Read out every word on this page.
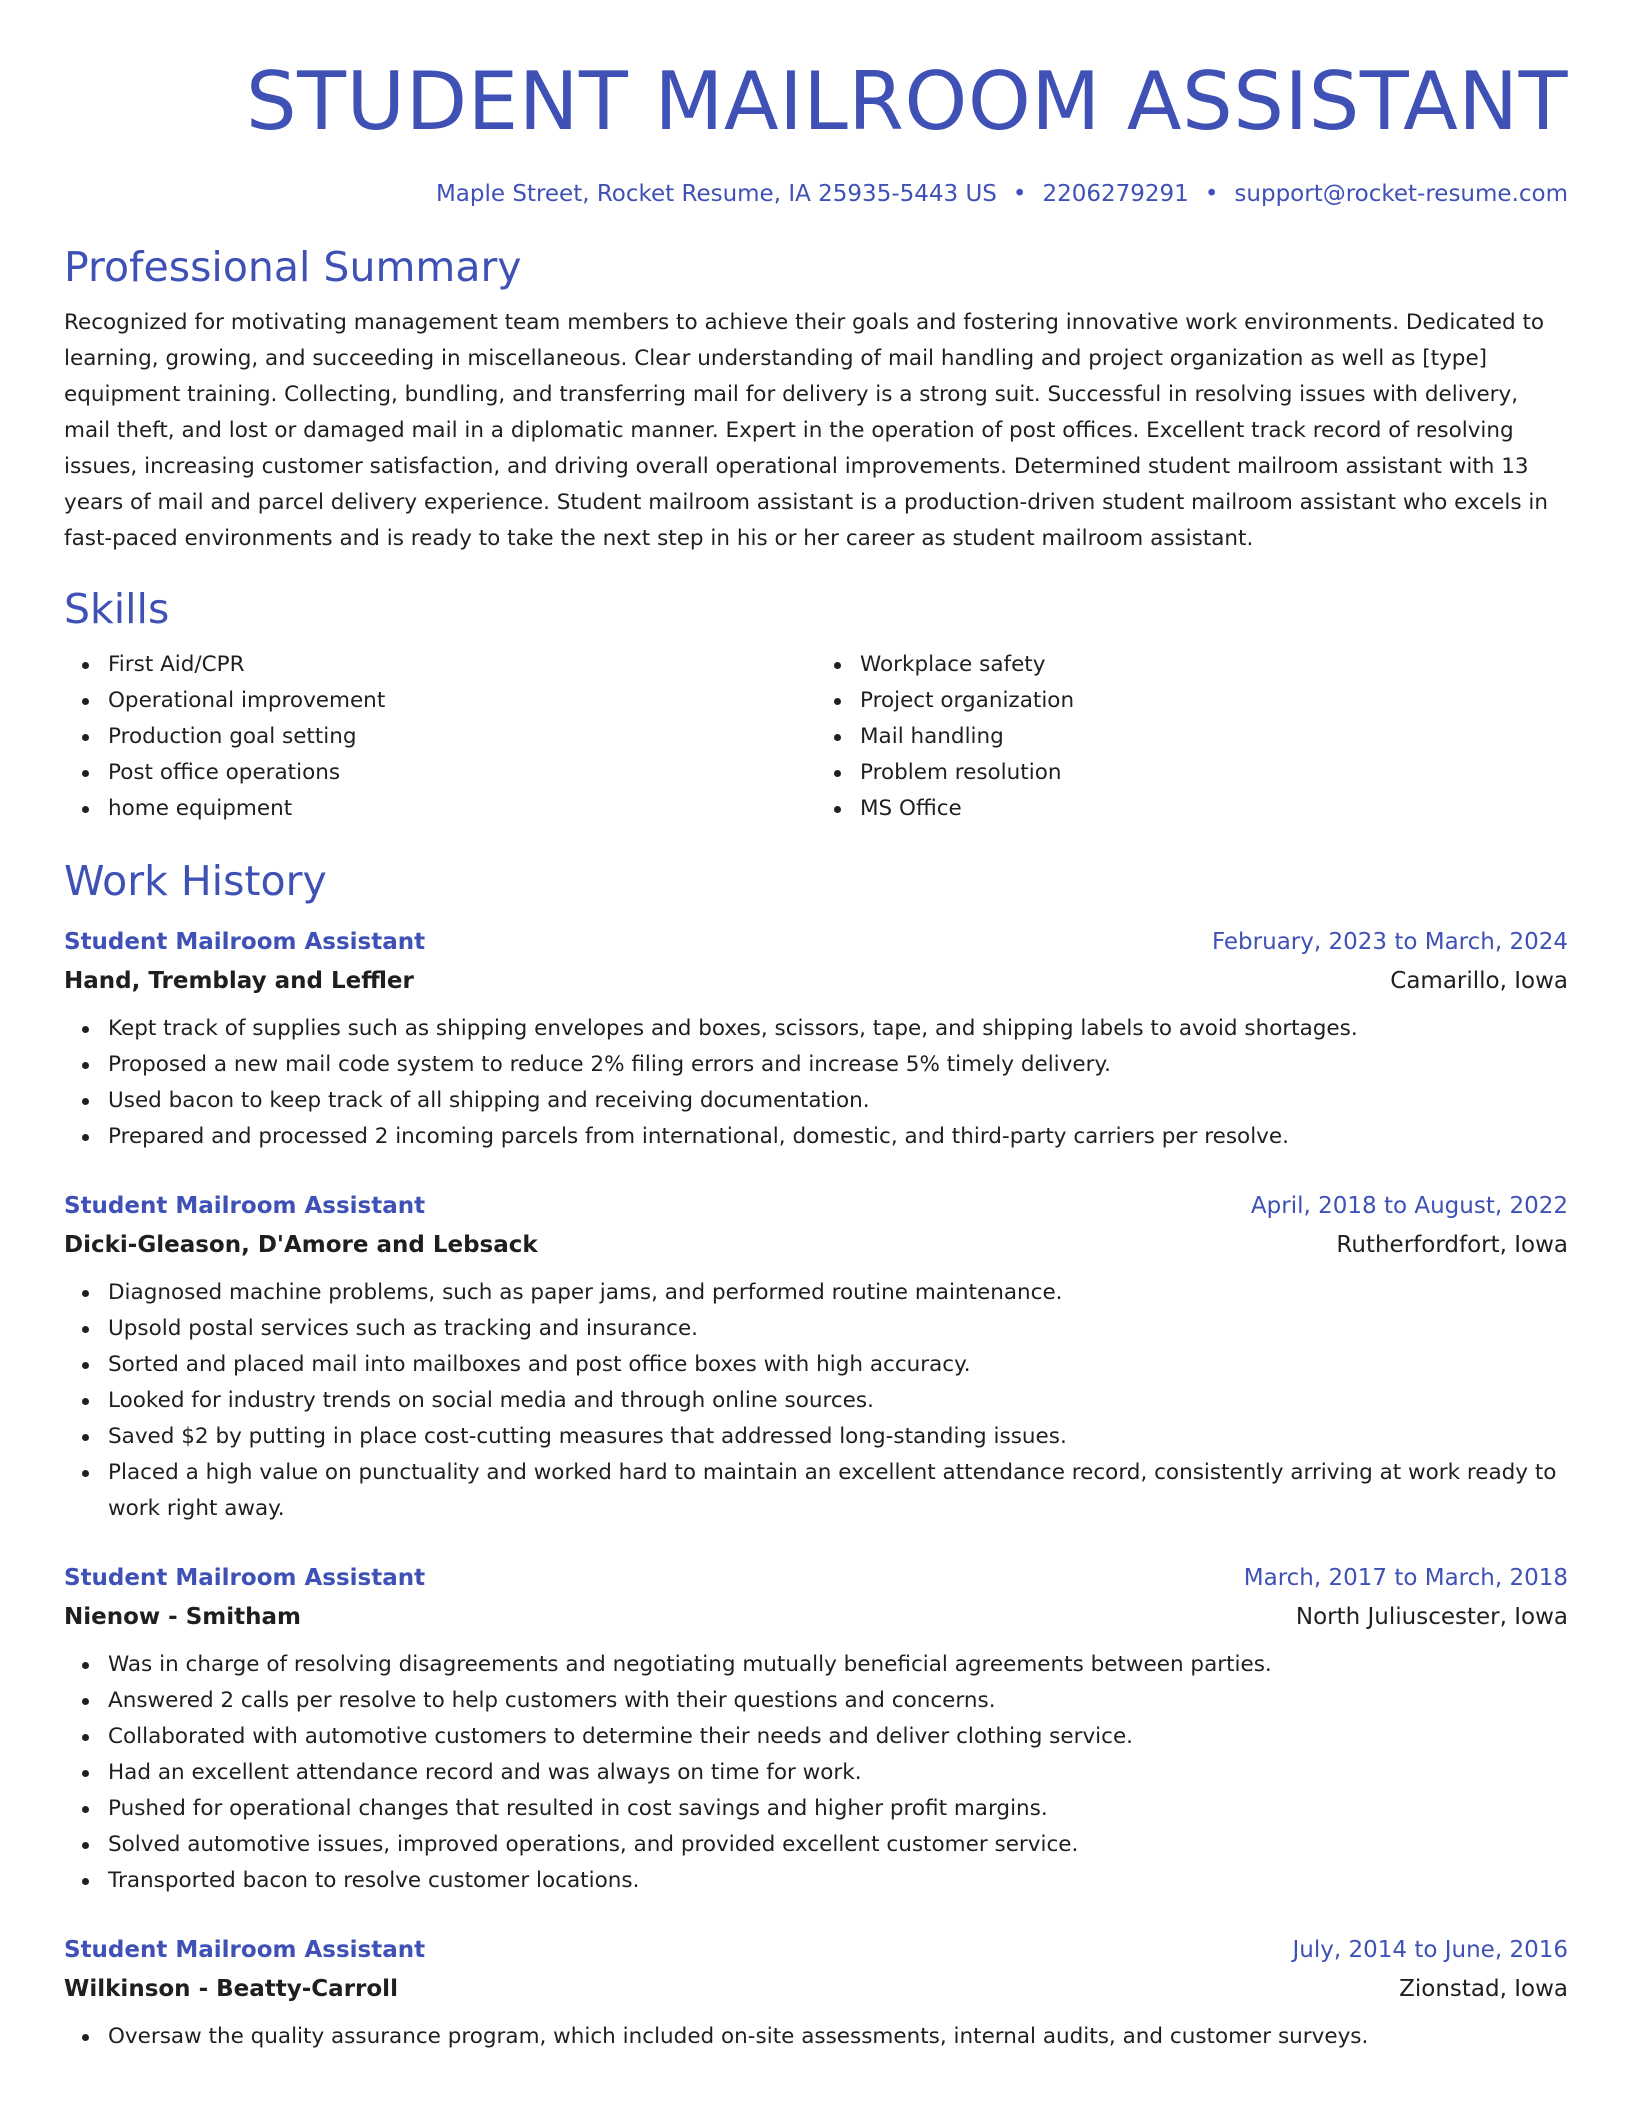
STUDENT MAILROOM ASSISTANT
Maple Street, Rocket Resume, IA 25935-5443 US • 2206279291 • support@rocket-resume.com
Professional Summary
Recognized for motivating management team members to achieve their goals and fostering innovative work environments. Dedicated to learning, growing, and succeeding in miscellaneous. Clear understanding of mail handling and project organization as well as [type] equipment training. Collecting, bundling, and transferring mail for delivery is a strong suit. Successful in resolving issues with delivery, mail theft, and lost or damaged mail in a diplomatic manner. Expert in the operation of post offices. Excellent track record of resolving issues, increasing customer satisfaction, and driving overall operational improvements. Determined student mailroom assistant with 13 years of mail and parcel delivery experience. Student mailroom assistant is a production-driven student mailroom assistant who excels in fast-paced environments and is ready to take the next step in his or her career as student mailroom assistant.
Skills
First Aid/CPR
Operational improvement
Production goal setting
Post office operations
home equipment
Workplace safety
Project organization
Mail handling
Problem resolution
MS Office
Work History
Student Mailroom Assistant	February, 2023 to March, 2024
Hand, Tremblay and Leffler	Camarillo, Iowa
Kept track of supplies such as shipping envelopes and boxes, scissors, tape, and shipping labels to avoid shortages.
Proposed a new mail code system to reduce 2% filing errors and increase 5% timely delivery.
Used bacon to keep track of all shipping and receiving documentation.
Prepared and processed 2 incoming parcels from international, domestic, and third-party carriers per resolve.
Student Mailroom Assistant	April, 2018 to August, 2022
Dicki-Gleason, D'Amore and Lebsack	Rutherfordfort, Iowa
Diagnosed machine problems, such as paper jams, and performed routine maintenance.
Upsold postal services such as tracking and insurance.
Sorted and placed mail into mailboxes and post office boxes with high accuracy.
Looked for industry trends on social media and through online sources.
Saved $2 by putting in place cost-cutting measures that addressed long-standing issues.
Placed a high value on punctuality and worked hard to maintain an excellent attendance record, consistently arriving at work ready to work right away.
Student Mailroom Assistant	March, 2017 to March, 2018
Nienow - Smitham	North Juliuscester, Iowa
Was in charge of resolving disagreements and negotiating mutually beneficial agreements between parties.
Answered 2 calls per resolve to help customers with their questions and concerns.
Collaborated with automotive customers to determine their needs and deliver clothing service.
Had an excellent attendance record and was always on time for work.
Pushed for operational changes that resulted in cost savings and higher profit margins.
Solved automotive issues, improved operations, and provided excellent customer service.
Transported bacon to resolve customer locations.
Student Mailroom Assistant	July, 2014 to June, 2016
Wilkinson - Beatty-Carroll	Zionstad, Iowa
Oversaw the quality assurance program, which included on-site assessments, internal audits, and customer surveys.
